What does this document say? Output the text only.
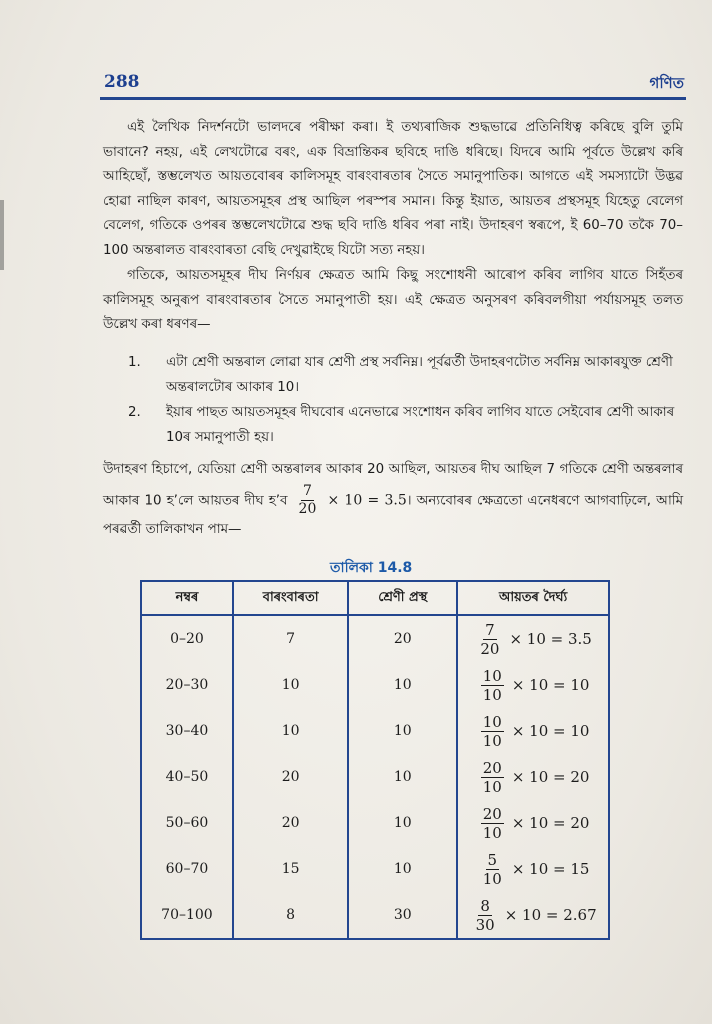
288	গণিত
এই লৈখিক নিদৰ্শনটো ভালদৰে পৰীক্ষা কৰা। ই তথ্যৰাজিক শুদ্ধভাৱে প্ৰতিনিধিত্ব কৰিছে বুলি তুমি ভাবানে? নহয়, এই লেখটোৱে বৰং, এক বিভ্ৰান্তিকৰ ছবিহে দাঙি ধৰিছে। যিদৰে আমি পূৰ্বতে উল্লেখ কৰি আহিছোঁ, স্তম্ভলেখত আয়তবোৰৰ কালিসমূহ বাৰংবাৰতাৰ সৈতে সমানুপাতিক। আগতে এই সমস্যাটো উদ্ভৱ হোৱা নাছিল কাৰণ, আয়তসমূহৰ প্ৰস্থ আছিল পৰস্পৰ সমান। কিন্তু ইয়াত, আয়তৰ প্ৰস্থসমূহ যিহেতু বেলেগ বেলেগ, গতিকে ওপৰৰ স্তম্ভলেখটোৱে শুদ্ধ ছবি দাঙি ধৰিব পৰা নাই। উদাহৰণ স্বৰূপে, ই 60–70 তকৈ 70–100 অন্তৰালত বাৰংবাৰতা বেছি দেখুৱাইছে যিটো সত্য নহয়।
গতিকে, আয়তসমূহৰ দীঘ নিৰ্ণয়ৰ ক্ষেত্ৰত আমি কিছু সংশোধনী আৰোপ কৰিব লাগিব যাতে সিহঁতৰ কালিসমূহ অনুৰূপ বাৰংবাৰতাৰ সৈতে সমানুপাতী হয়। এই ক্ষেত্ৰত অনুসৰণ কৰিবলগীয়া পৰ্যায়সমূহ তলত উল্লেখ কৰা ধৰণৰ—
1.	এটা শ্ৰেণী অন্তৰাল লোৱা যাৰ শ্ৰেণী প্ৰস্থ সৰ্বনিম্ন। পূৰ্বৱৰ্তী উদাহৰণটোত সৰ্বনিম্ন আকাৰযুক্ত শ্ৰেণী অন্তৰালটোৰ আকাৰ 10।
2.	ইয়াৰ পাছত আয়তসমূহৰ দীঘবোৰ এনেভাৱে সংশোধন কৰিব লাগিব যাতে সেইবোৰ শ্ৰেণী আকাৰ 10ৰ সমানুপাতী হয়।
উদাহৰণ হিচাপে, যেতিয়া শ্ৰেণী অন্তৰালৰ আকাৰ 20 আছিল, আয়তৰ দীঘ আছিল 7 গতিকে শ্ৰেণী অন্তৰলাৰ আকাৰ 10 হ’লে আয়তৰ দীঘ হ’ব $\frac{7}{20} \times 10$ = 3.5। অন্যবোৰৰ ক্ষেত্ৰতো এনেধৰণে আগবাঢ়িলে, আমি পৰৱৰ্তী তালিকাখন পাম—
তালিকা 14.8
নম্বৰ	বাৰংবাৰতা	শ্ৰেণী প্ৰস্থ	আয়তৰ দৈৰ্ঘ্য
0–20	7	20	$\frac{7}{20} \times 10 = 3.5$

20–30	10	10	$\frac{10}{10} \times 10 = 10$

30–40	10	10	$\frac{10}{10} \times 10 = 10$

40–50	20	10	$\frac{20}{10} \times 10 = 20$

50–60	20	10	$\frac{20}{10} \times 10 = 20$

60–70	15	10	$\frac{5}{10} \times 10 = 15$

70–100	8	30	$\frac{8}{30} \times 10 = 2.67$
